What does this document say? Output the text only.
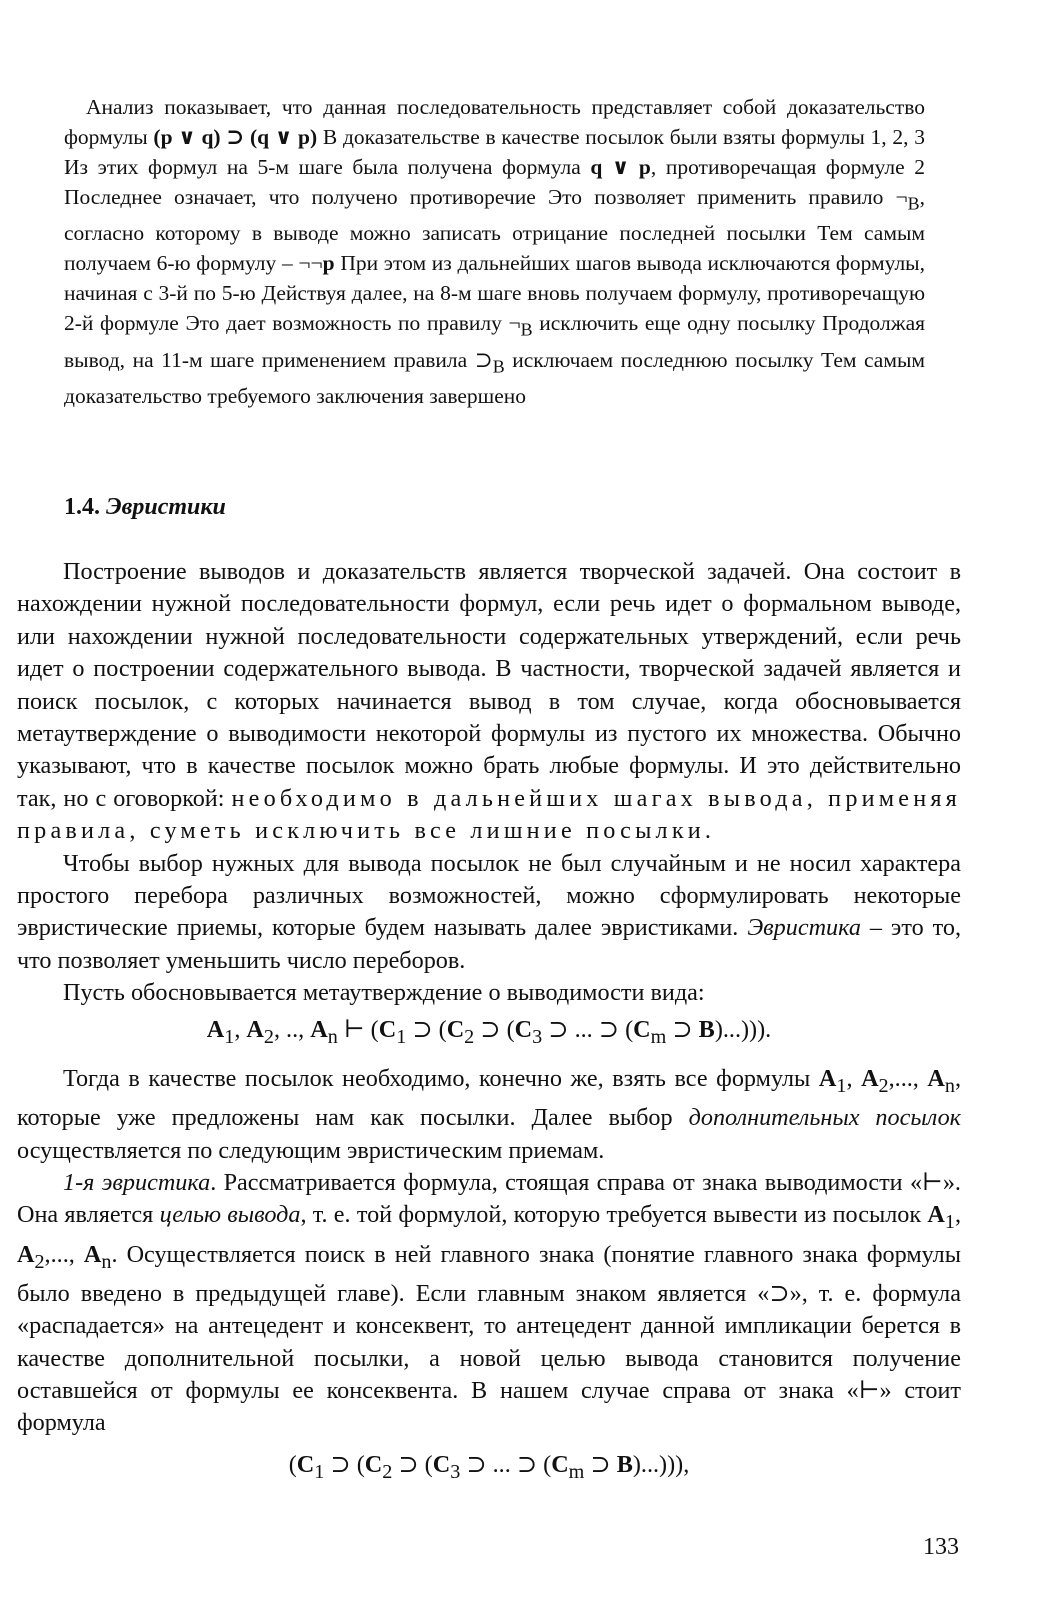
Анализ показывает, что данная последовательность представляет собой доказательство формулы (p ∨ q) ⊃ (q ∨ p) В доказательстве в качестве посылок были взяты формулы 1, 2, 3 Из этих формул на 5-м шаге была получена формула q ∨ p, противоречащая формуле 2 Последнее означает, что получено противоречие Это позволяет применить правило $\neg_В$, согласно которому в выводе можно записать отрицание последней посылки Тем самым получаем 6-ю формулу – ¬¬p При этом из дальнейших шагов вывода исключаются формулы, начиная с 3-й по 5-ю Действуя далее, на 8-м шаге вновь получаем формулу, противоречащую 2-й формуле Это дает возможность по правилу $\neg_В$ исключить еще одну посылку Продолжая вывод, на 11-м шаге применением правила $⊃_В$ исключаем последнюю посылку Тем самым доказательство требуемого заключения завершено

1.4. Эвристики

Построение выводов и доказательств является творческой задачей. Она состоит в нахождении нужной последовательности формул, если речь идет о формальном выводе, или нахождении нужной последовательности содержательных утверждений, если речь идет о построении содержательного вывода. В частности, творческой задачей является и поиск посылок, с которых начинается вывод в том случае, когда обосновывается метаутверждение о выводимости некоторой формулы из пустого их множества. Обычно указывают, что в качестве посылок можно брать любые формулы. И это действительно так, но с оговоркой: необходимо в дальнейших шагах вывода, применяя правила, суметь исключить все лишние посылки.

Чтобы выбор нужных для вывода посылок не был случайным и не носил характера простого перебора различных возможностей, можно сформулировать некоторые эвристические приемы, которые будем называть далее эвристиками. Эвристика – это то, что позволяет уменьшить число переборов.

Пусть обосновывается метаутверждение о выводимости вида:

$A_1$, $A_2$, .., $A_n$ ⊢ ($C_1$ ⊃ ($C_2$ ⊃ ($C_3$ ⊃ ... ⊃ ($C_m$ ⊃ B)...))).

Тогда в качестве посылок необходимо, конечно же, взять все формулы $A_1$, $A_2$,..., $A_n$, которые уже предложены нам как посылки. Далее выбор дополнительных посылок осуществляется по следующим эвристическим приемам.

1-я эвристика. Рассматривается формула, стоящая справа от знака выводимости «⊢». Она является целью вывода, т. е. той формулой, которую требуется вывести из посылок $A_1$, $A_2$,..., $A_n$. Осуществляется поиск в ней главного знака (понятие главного знака формулы было введено в предыдущей главе). Если главным знаком является «⊃», т. е. формула «распадается» на антецедент и консеквент, то антецедент данной импликации берется в качестве дополнительной посылки, а новой целью вывода становится получение оставшейся от формулы ее консеквента. В нашем случае справа от знака «⊢» стоит формула

($C_1$ ⊃ ($C_2$ ⊃ ($C_3$ ⊃ ... ⊃ ($C_m$ ⊃ B)...))),

133
